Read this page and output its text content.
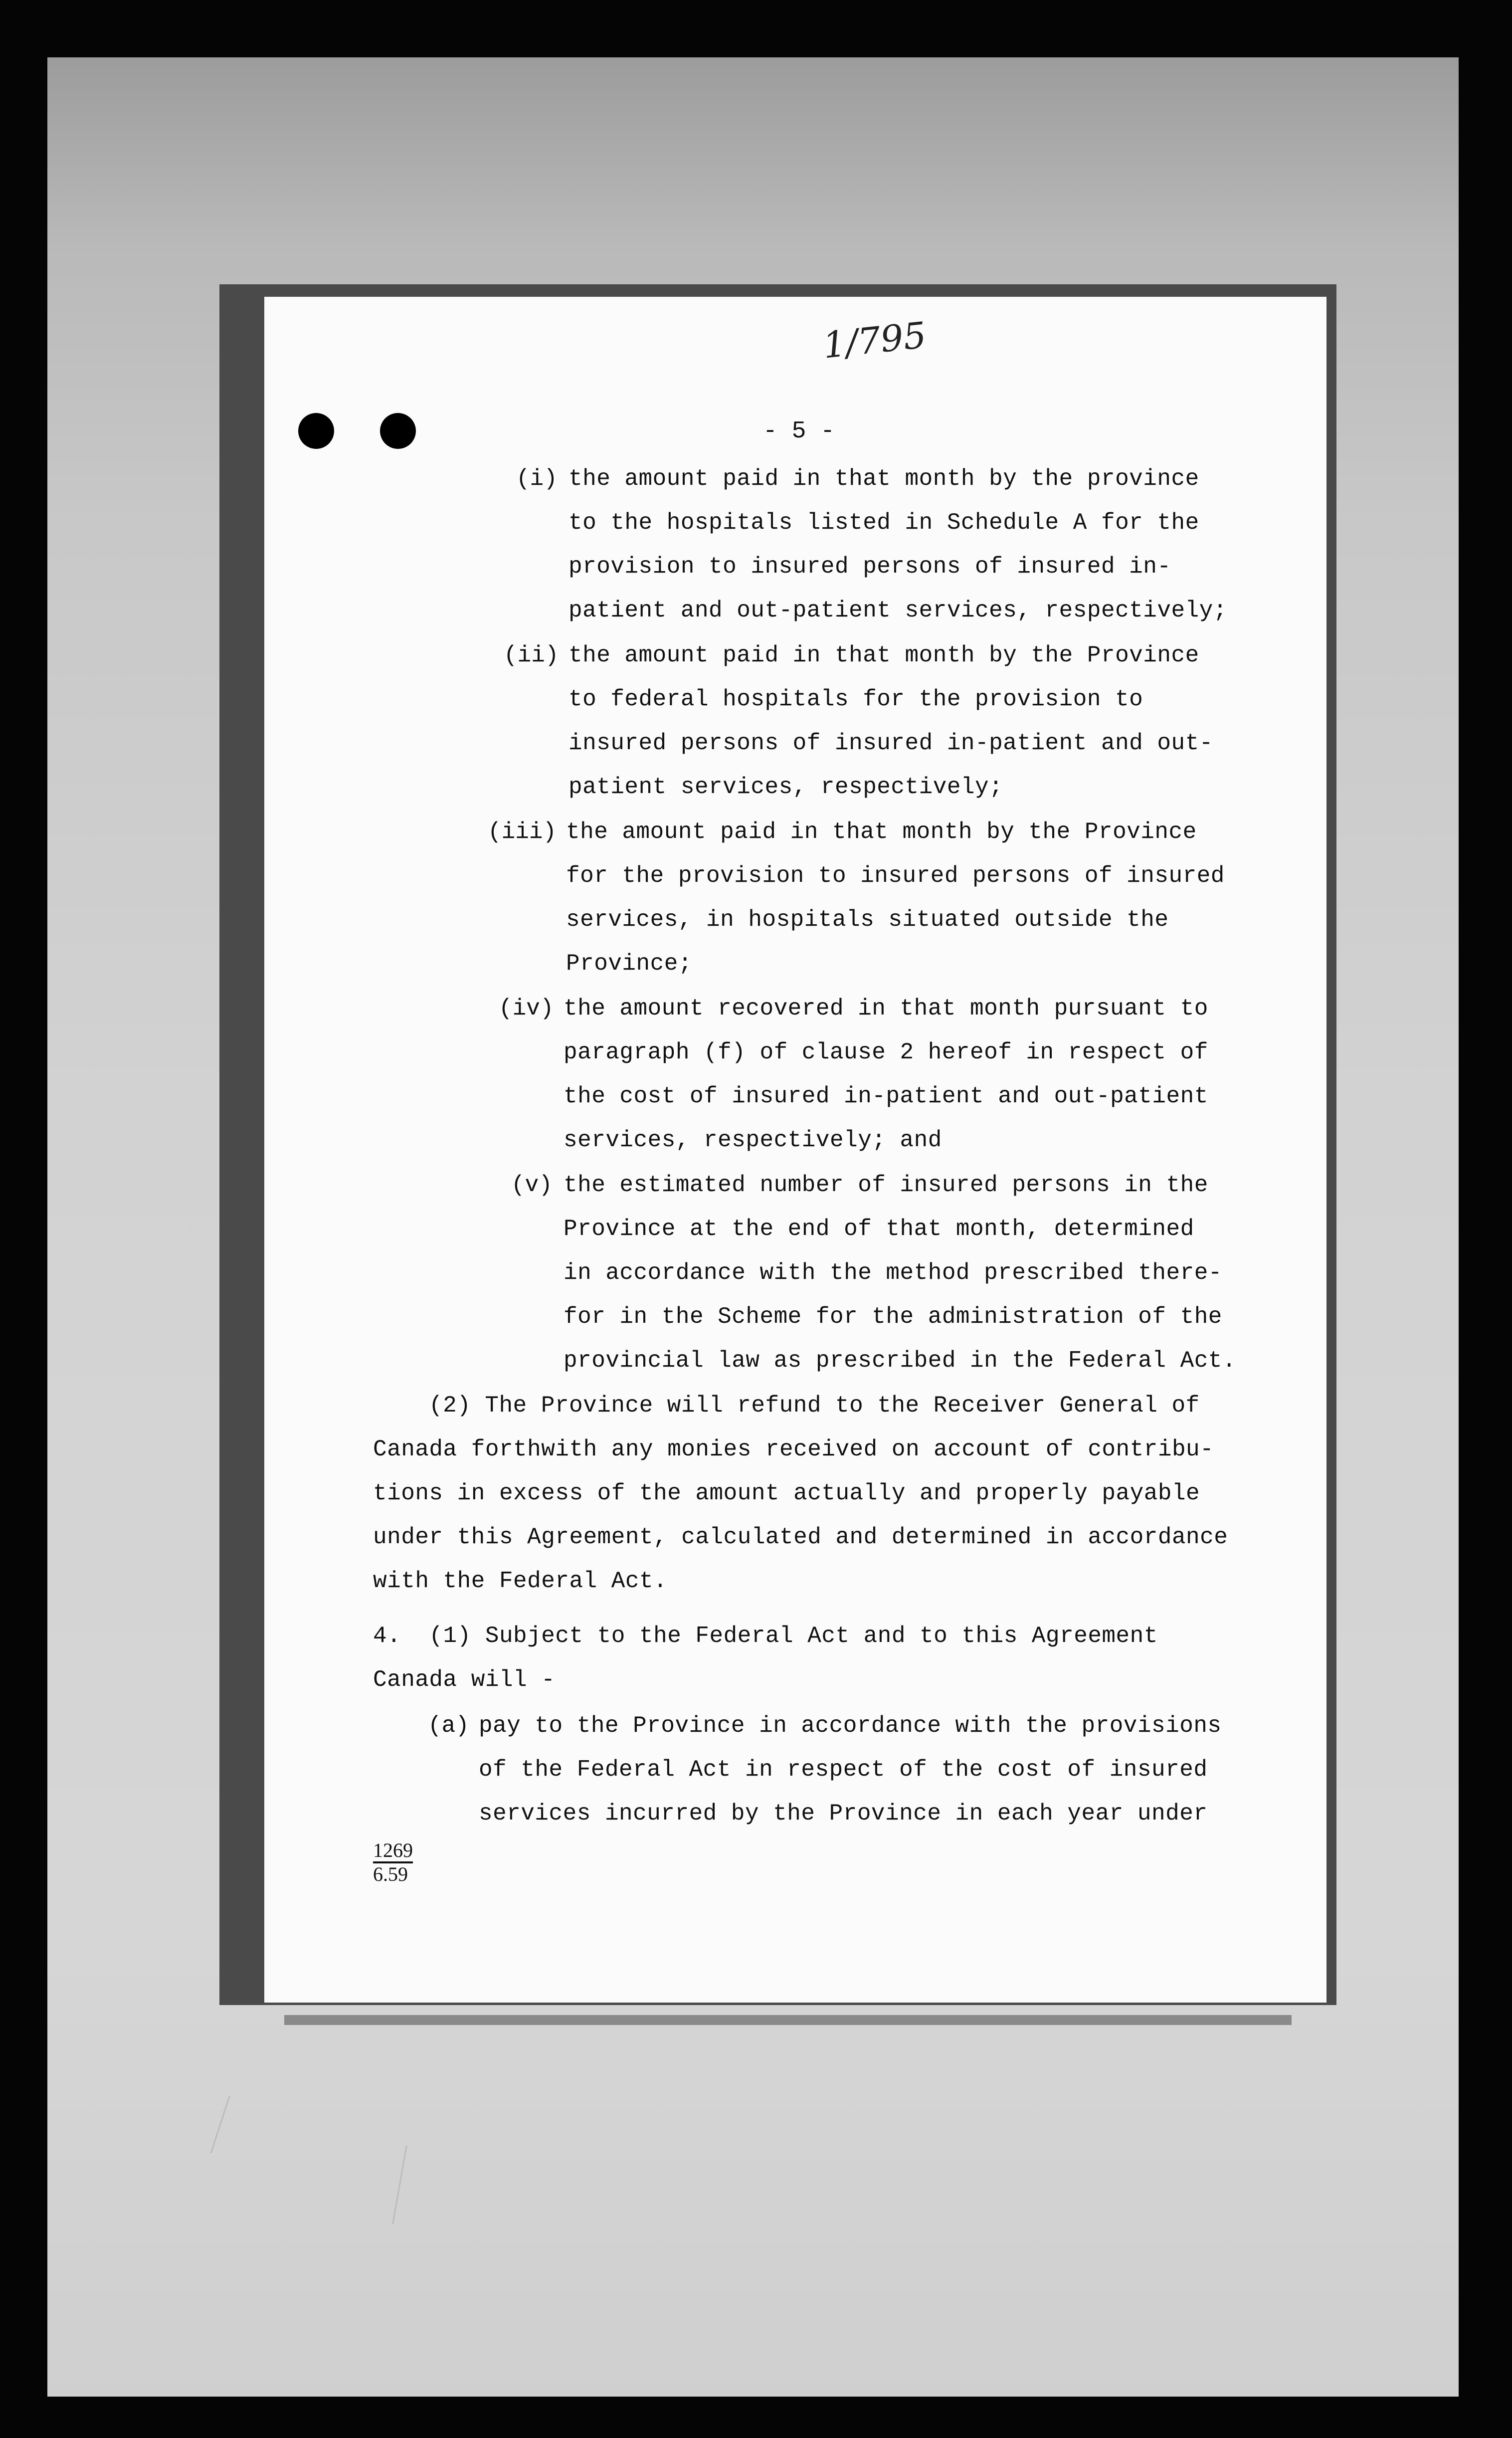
1/795
- 5 -
(i) the amount paid in that month by the province
to the hospitals listed in Schedule A for the
provision to insured persons of insured in-
patient and out-patient services, respectively;
(ii) the amount paid in that month by the Province
to federal hospitals for the provision to
insured persons of insured in-patient and out-
patient services, respectively;
(iii) the amount paid in that month by the Province
for the provision to insured persons of insured
services, in hospitals situated outside the
Province;
(iv) the amount recovered in that month pursuant to
paragraph (f) of clause 2 hereof in respect of
the cost of insured in-patient and out-patient
services, respectively; and
(v) the estimated number of insured persons in the
Province at the end of that month, determined
in accordance with the method prescribed there-
for in the Scheme for the administration of the
provincial law as prescribed in the Federal Act.
(2) The Province will refund to the Receiver General of
Canada forthwith any monies received on account of contribu-
tions in excess of the amount actually and properly payable
under this Agreement, calculated and determined in accordance
with the Federal Act.
4.  (1) Subject to the Federal Act and to this Agreement
Canada will -
(a) pay to the Province in accordance with the provisions
of the Federal Act in respect of the cost of insured
services incurred by the Province in each year under
1269
6.59
